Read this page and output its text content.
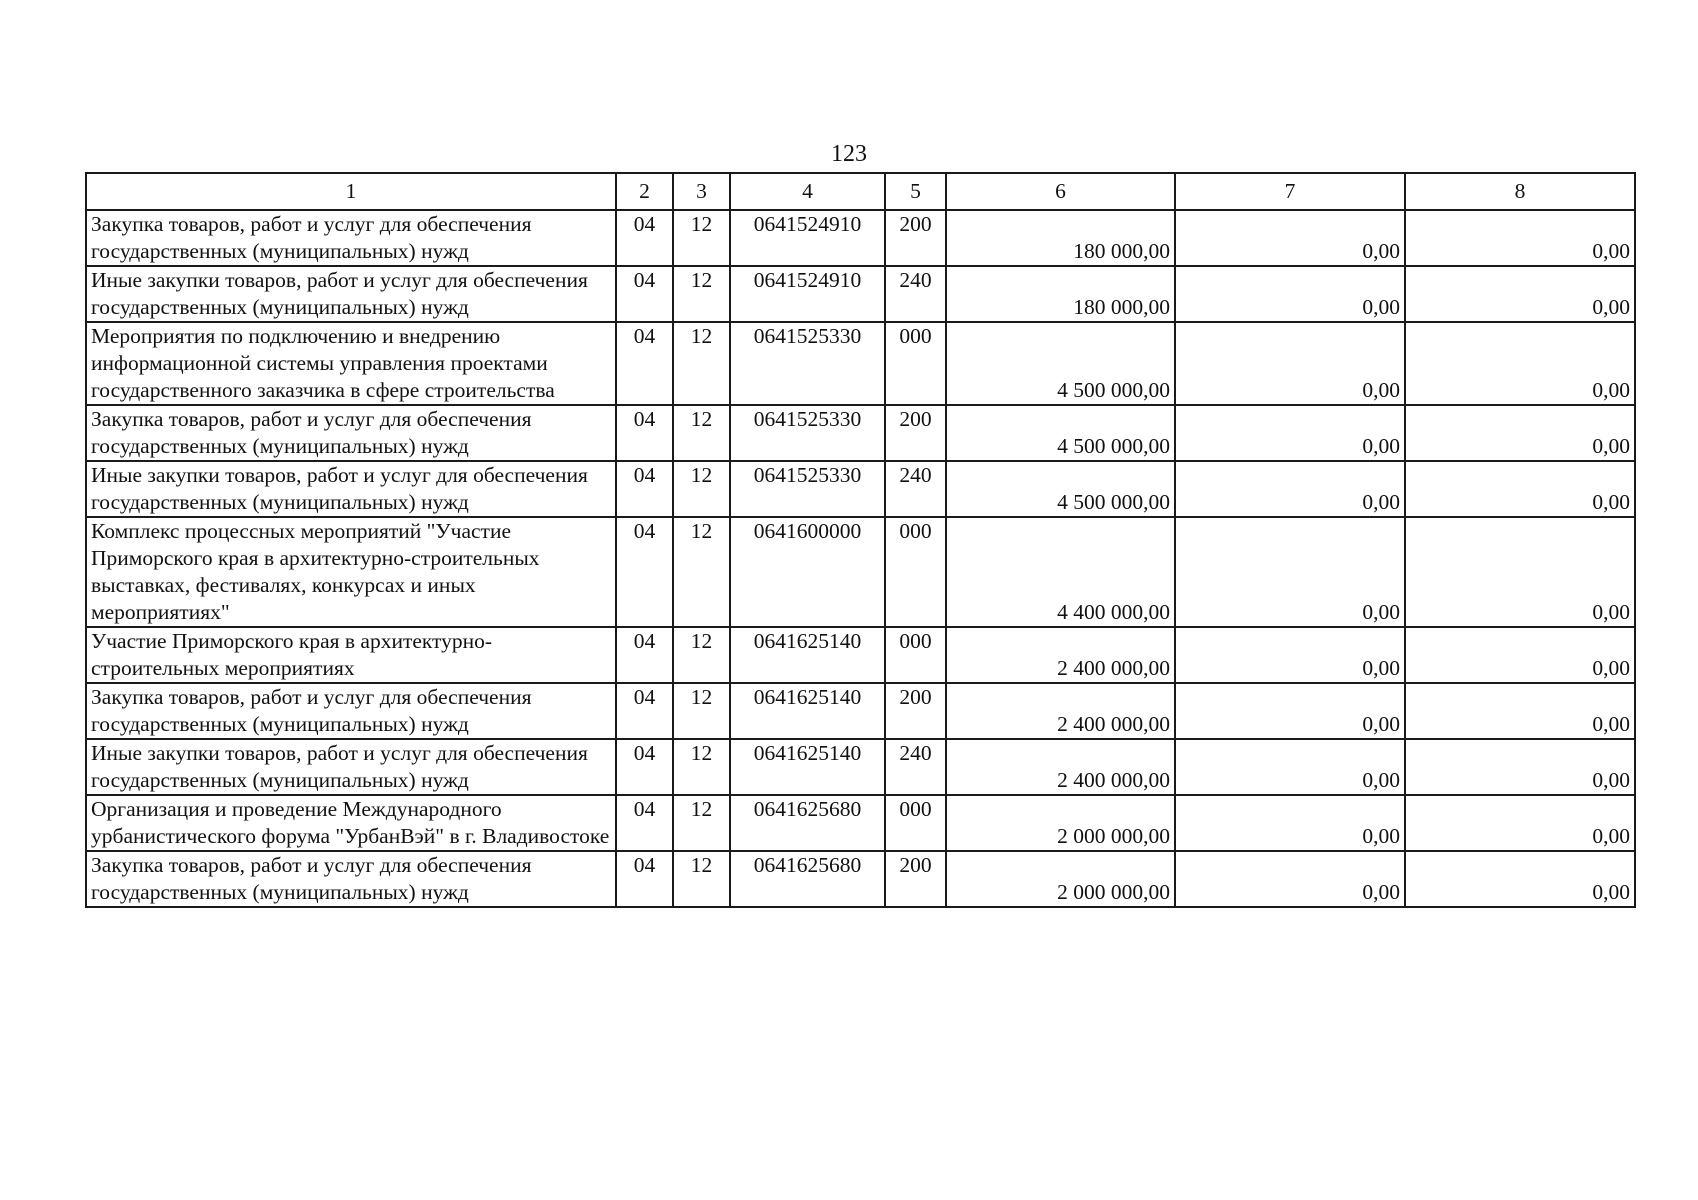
123
1	2	3	4	5	6	7	8
Закупка товаров, работ и услуг для обеспечения государственных (муниципальных) нужд	04	12	0641524910	200	180 000,00	0,00	0,00
Иные закупки товаров, работ и услуг для обеспечения государственных (муниципальных) нужд	04	12	0641524910	240	180 000,00	0,00	0,00
Мероприятия по подключению и внедрению информационной системы управления проектами государственного заказчика в сфере строительства	04	12	0641525330	000	4 500 000,00	0,00	0,00
Закупка товаров, работ и услуг для обеспечения государственных (муниципальных) нужд	04	12	0641525330	200	4 500 000,00	0,00	0,00
Иные закупки товаров, работ и услуг для обеспечения государственных (муниципальных) нужд	04	12	0641525330	240	4 500 000,00	0,00	0,00
Комплекс процессных мероприятий "Участие Приморского края в архитектурно-строительных выставках, фестивалях, конкурсах и иных мероприятиях"	04	12	0641600000	000	4 400 000,00	0,00	0,00
Участие Приморского края в архитектурно-строительных мероприятиях	04	12	0641625140	000	2 400 000,00	0,00	0,00
Закупка товаров, работ и услуг для обеспечения государственных (муниципальных) нужд	04	12	0641625140	200	2 400 000,00	0,00	0,00
Иные закупки товаров, работ и услуг для обеспечения государственных (муниципальных) нужд	04	12	0641625140	240	2 400 000,00	0,00	0,00
Организация и проведение Международного урбанистического форума "УрбанВэй" в г. Владивостоке	04	12	0641625680	000	2 000 000,00	0,00	0,00
Закупка товаров, работ и услуг для обеспечения государственных (муниципальных) нужд	04	12	0641625680	200	2 000 000,00	0,00	0,00
